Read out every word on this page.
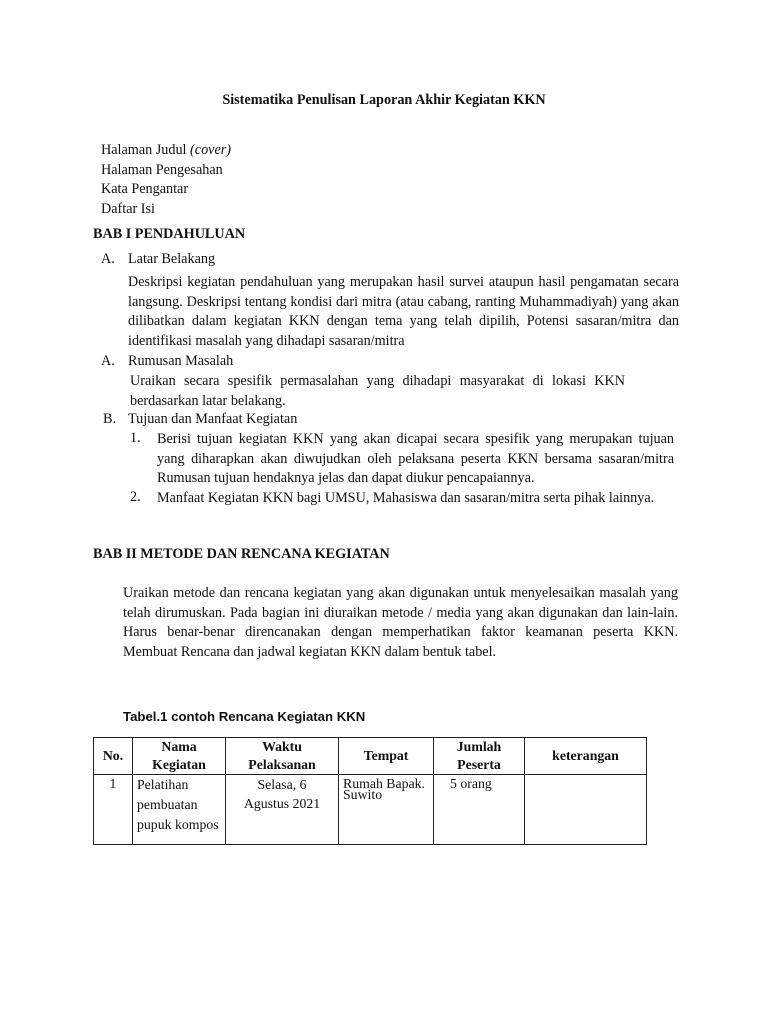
Sistematika Penulisan Laporan Akhir Kegiatan KKN
Halaman Judul (cover)
Halaman Pengesahan
Kata Pengantar
Daftar Isi
BAB I PENDAHULUAN
A. Latar Belakang
Deskripsi kegiatan pendahuluan yang merupakan hasil survei ataupun hasil pengamatan secara langsung. Deskripsi tentang kondisi dari mitra (atau cabang, ranting Muhammadiyah) yang akan dilibatkan dalam kegiatan KKN dengan tema yang telah dipilih, Potensi sasaran/mitra dan identifikasi masalah yang dihadapi sasaran/mitra
A. Rumusan Masalah
Uraikan secara spesifik permasalahan yang dihadapi masyarakat di lokasi KKN berdasarkan latar belakang.
B. Tujuan dan Manfaat Kegiatan
1. Berisi tujuan kegiatan KKN yang akan dicapai secara spesifik yang merupakan tujuan yang diharapkan akan diwujudkan oleh pelaksana peserta KKN bersama sasaran/mitra Rumusan tujuan hendaknya jelas dan dapat diukur pencapaiannya.
2. Manfaat Kegiatan KKN bagi UMSU, Mahasiswa dan sasaran/mitra serta pihak lainnya.
BAB II METODE DAN RENCANA KEGIATAN
Uraikan metode dan rencana kegiatan yang akan digunakan untuk menyelesaikan masalah yang telah dirumuskan. Pada bagian ini diuraikan metode / media yang akan digunakan dan lain-lain. Harus benar-benar direncanakan dengan memperhatikan faktor keamanan peserta KKN. Membuat Rencana dan jadwal kegiatan KKN dalam bentuk tabel.
Tabel.1 contoh Rencana Kegiatan KKN
No.	Nama Kegiatan	Waktu Pelaksanan	Tempat	Jumlah Peserta	keterangan
1	Pelatihan pembuatan pupuk kompos	Selasa, 6 Agustus 2021	Rumah Bapak. Suwito	5 orang	
